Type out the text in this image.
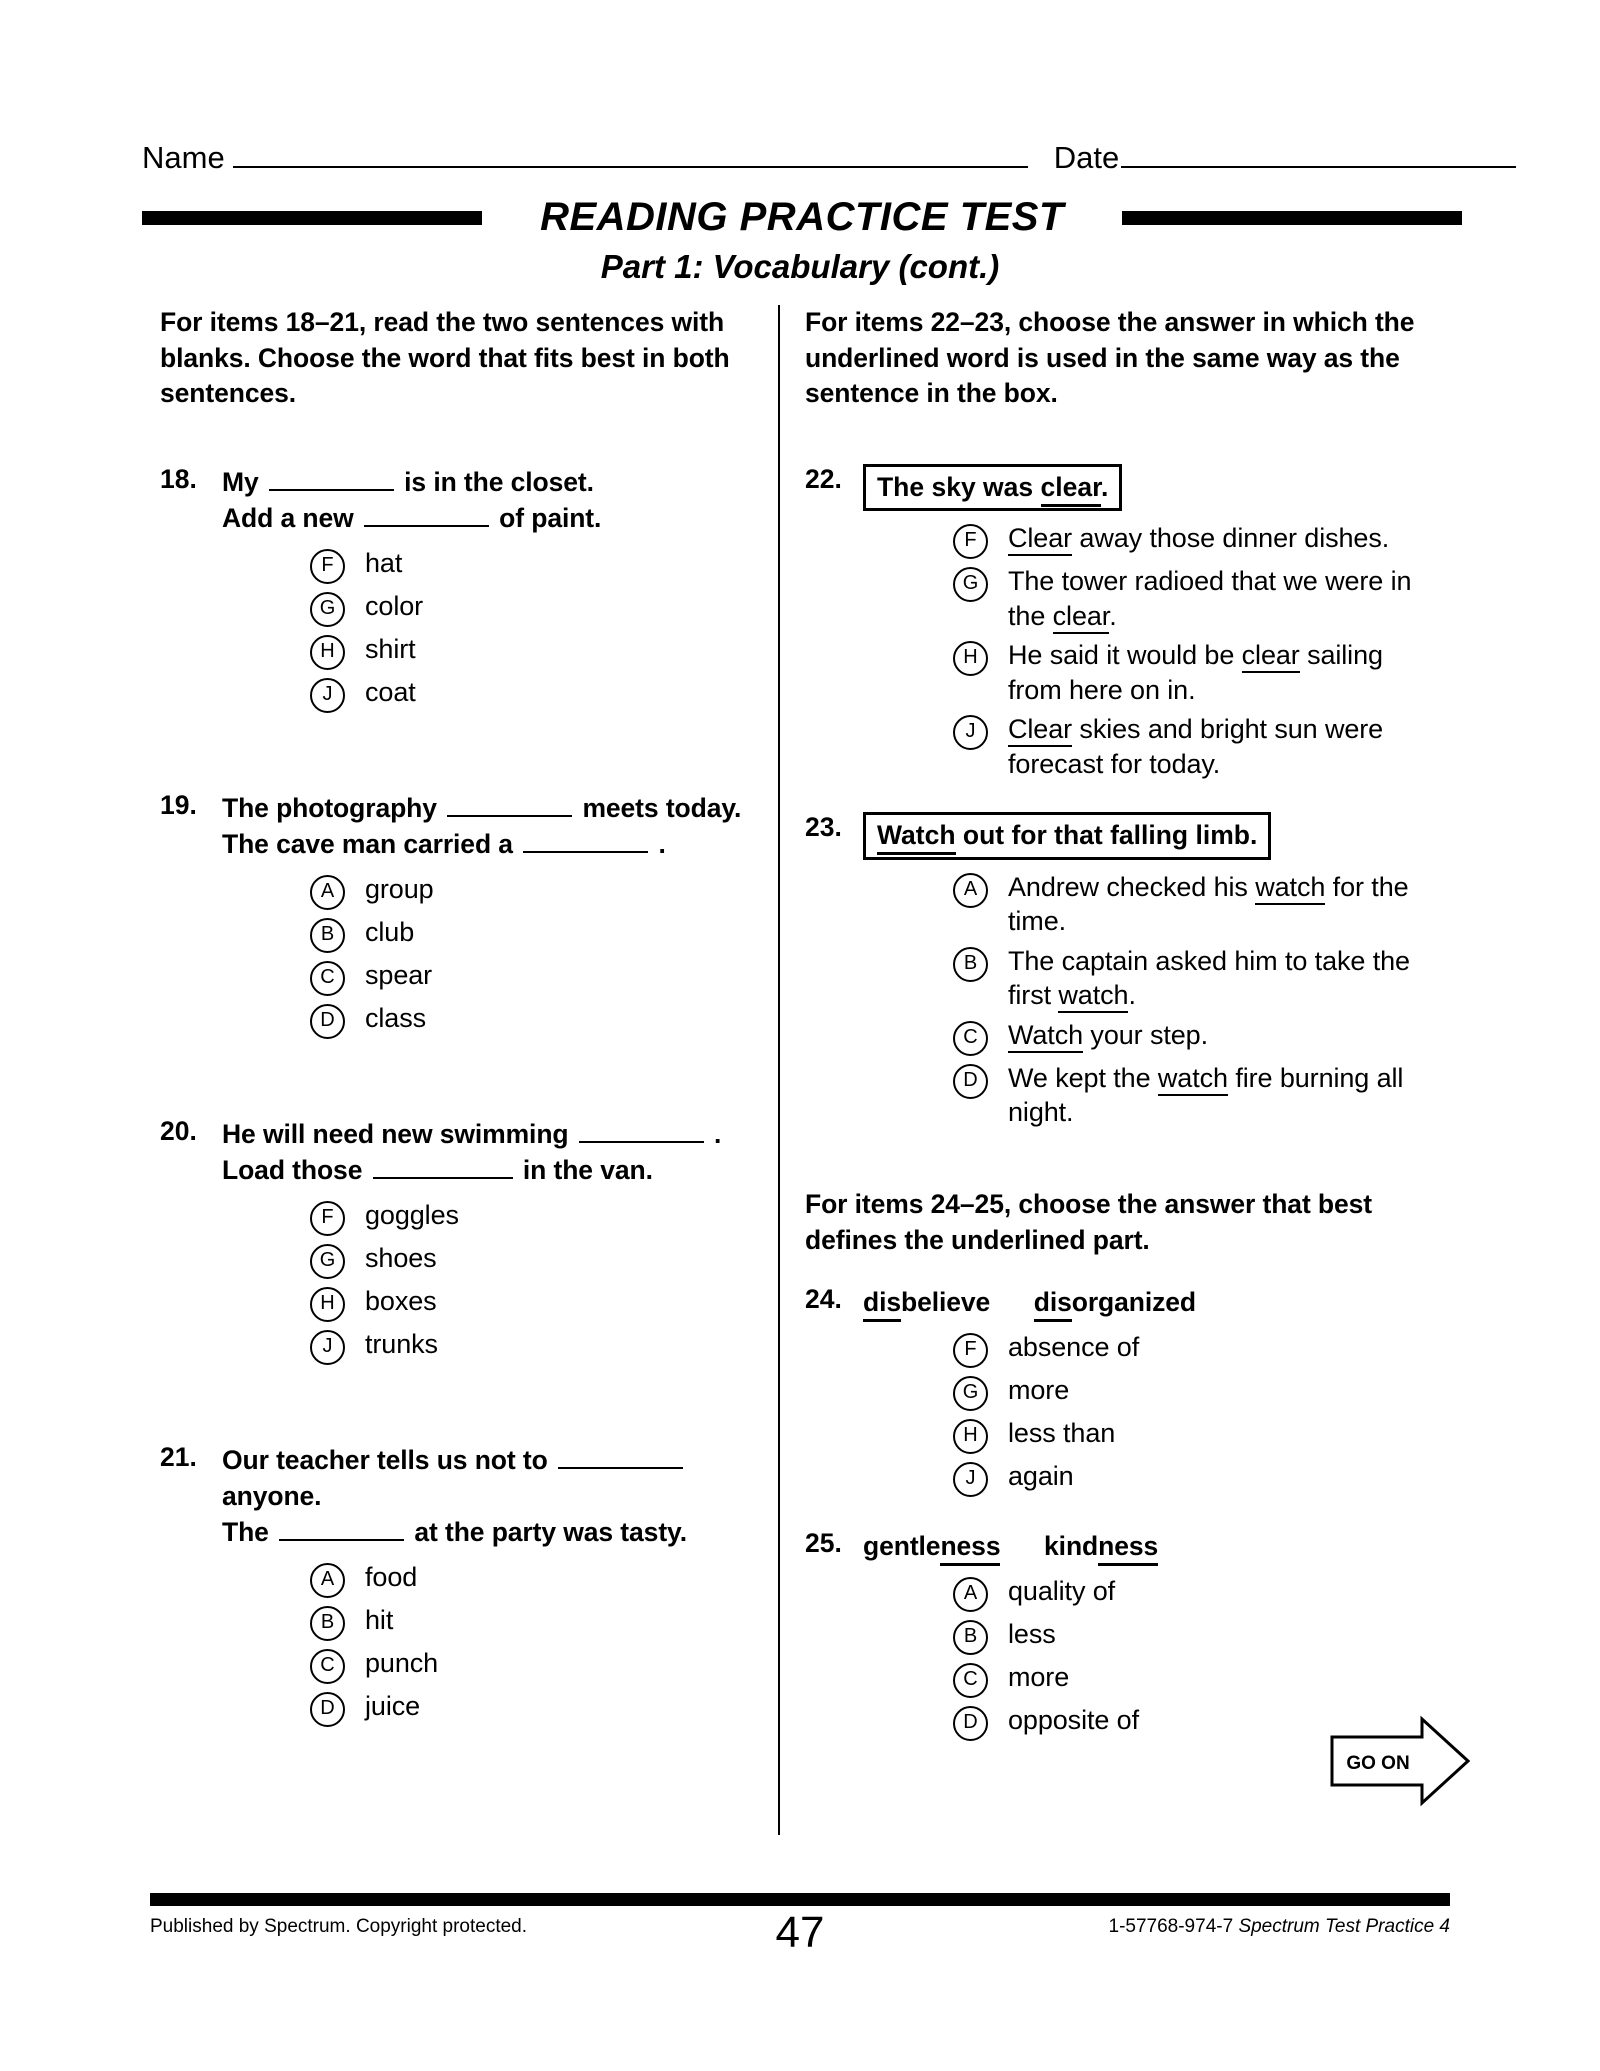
Name	Date
READING PRACTICE TEST
Part 1: Vocabulary (cont.)
For items 18–21, read the two sentences with blanks. Choose the word that fits best in both sentences.
18. My	is in the closet.
Add a new	of paint.
F	hat
G	color
H	shirt
J	coat
19. The photography	meets today.
The cave man carried a	.
A	group
B	club
C	spear
D	class
20. He will need new swimming	.
Load those	in the van.
F	goggles
G	shoes
H	boxes
J	trunks
21. Our teacher tells us not to
anyone.
The	at the party was tasty.
A	food
B	hit
C	punch
D	juice
For items 22–23, choose the answer in which the underlined word is used in the same way as the sentence in the box.
22.	The sky was clear.
F	Clear away those dinner dishes.
G	The tower radioed that we were in the clear.
H	He said it would be clear sailing from here on in.
J	Clear skies and bright sun were forecast for today.
23.	Watch out for that falling limb.
A	Andrew checked his watch for the time.
B	The captain asked him to take the first watch.
C	Watch your step.
D	We kept the watch fire burning all night.
For items 24–25, choose the answer that best defines the underlined part.
24. disbelieve disorganized
F	absence of
G	more
H	less than
J	again
25. gentleness kindness
A	quality of
B	less
C	more
D	opposite of
GO ON
Published by Spectrum. Copyright protected.	47	1-57768-974-7 Spectrum Test Practice 4
